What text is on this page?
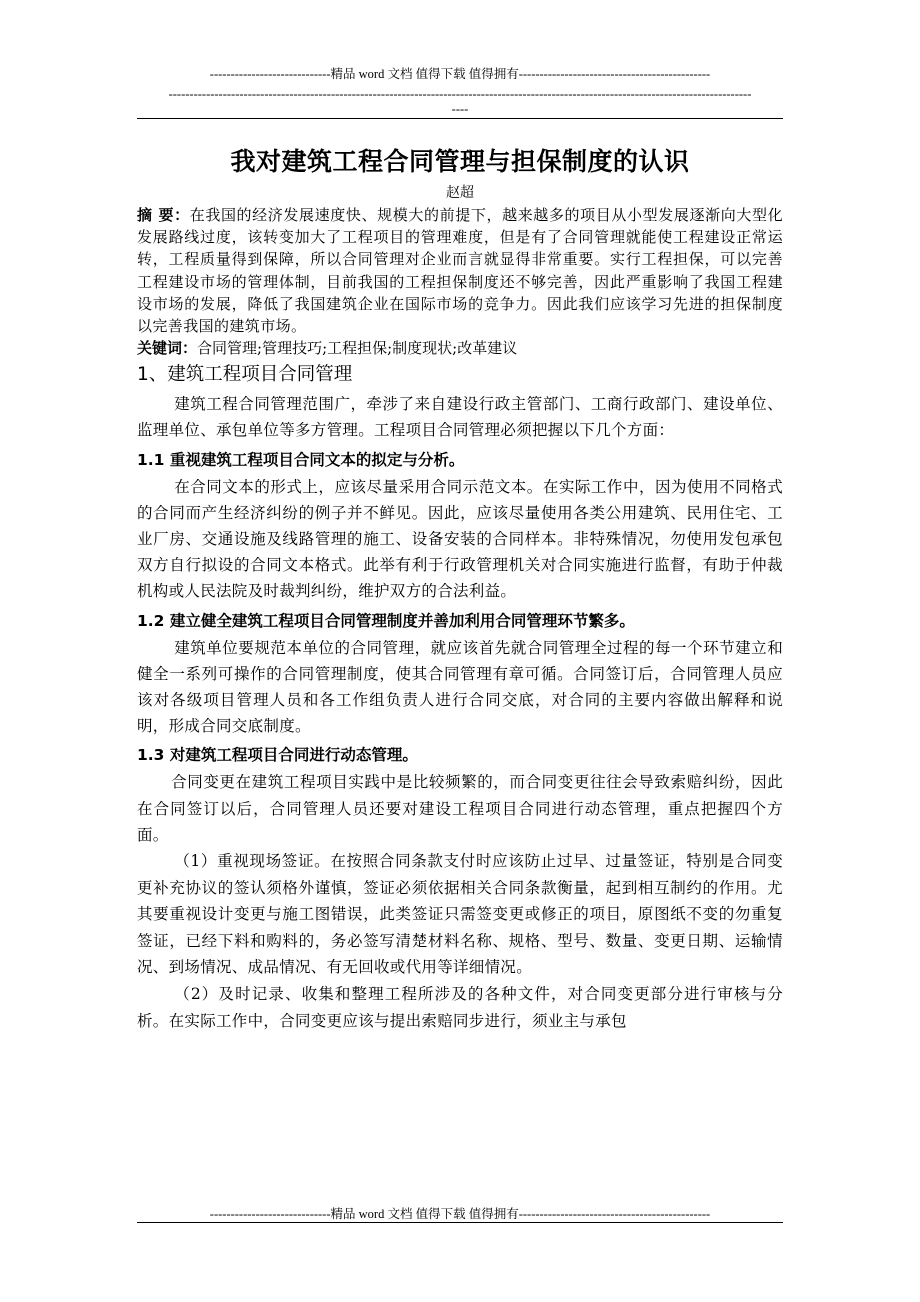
-----------------------------精品 word 文档 值得下载 值得拥有----------------------------------------------
--------------------------------------------------------------------------------------------------------------------------------------------
----
我对建筑工程合同管理与担保制度的认识
赵超

摘 要：在我国的经济发展速度快、规模大的前提下，越来越多的项目从小型发展逐渐向大型化发展路线过度，该转变加大了工程项目的管理难度，但是有了合同管理就能使工程建设正常运转，工程质量得到保障，所以合同管理对企业而言就显得非常重要。实行工程担保，可以完善工程建设市场的管理体制，目前我国的工程担保制度还不够完善，因此严重影响了我国工程建设市场的发展，降低了我国建筑企业在国际市场的竞争力。因此我们应该学习先进的担保制度以完善我国的建筑市场。

关键词：合同管理;管理技巧;工程担保;制度现状;改革建议

1、建筑工程项目合同管理

建筑工程合同管理范围广，牵涉了来自建设行政主管部门、工商行政部门、建设单位、监理单位、承包单位等多方管理。工程项目合同管理必须把握以下几个方面：

1.1 重视建筑工程项目合同文本的拟定与分析。

在合同文本的形式上，应该尽量采用合同示范文本。在实际工作中，因为使用不同格式的合同而产生经济纠纷的例子并不鲜见。因此，应该尽量使用各类公用建筑、民用住宅、工业厂房、交通设施及线路管理的施工、设备安装的合同样本。非特殊情况，勿使用发包承包双方自行拟设的合同文本格式。此举有利于行政管理机关对合同实施进行监督，有助于仲裁机构或人民法院及时裁判纠纷，维护双方的合法利益。

1.2 建立健全建筑工程项目合同管理制度并善加利用合同管理环节繁多。

建筑单位要规范本单位的合同管理，就应该首先就合同管理全过程的每一个环节建立和健全一系列可操作的合同管理制度，使其合同管理有章可循。合同签订后，合同管理人员应该对各级项目管理人员和各工作组负责人进行合同交底，对合同的主要内容做出解释和说明，形成合同交底制度。

1.3 对建筑工程项目合同进行动态管理。

合同变更在建筑工程项目实践中是比较频繁的，而合同变更往往会导致索赔纠纷，因此在合同签订以后，合同管理人员还要对建设工程项目合同进行动态管理，重点把握四个方面。

（1）重视现场签证。在按照合同条款支付时应该防止过早、过量签证，特别是合同变更补充协议的签认须格外谨慎，签证必须依据相关合同条款衡量，起到相互制约的作用。尤其要重视设计变更与施工图错误，此类签证只需签变更或修正的项目，原图纸不变的勿重复签证，已经下料和购料的，务必签写清楚材料名称、规格、型号、数量、变更日期、运输情况、到场情况、成品情况、有无回收或代用等详细情况。

（2）及时记录、收集和整理工程所涉及的各种文件，对合同变更部分进行审核与分析。在实际工作中，合同变更应该与提出索赔同步进行，须业主与承包

-----------------------------精品 word 文档 值得下载 值得拥有----------------------------------------------
